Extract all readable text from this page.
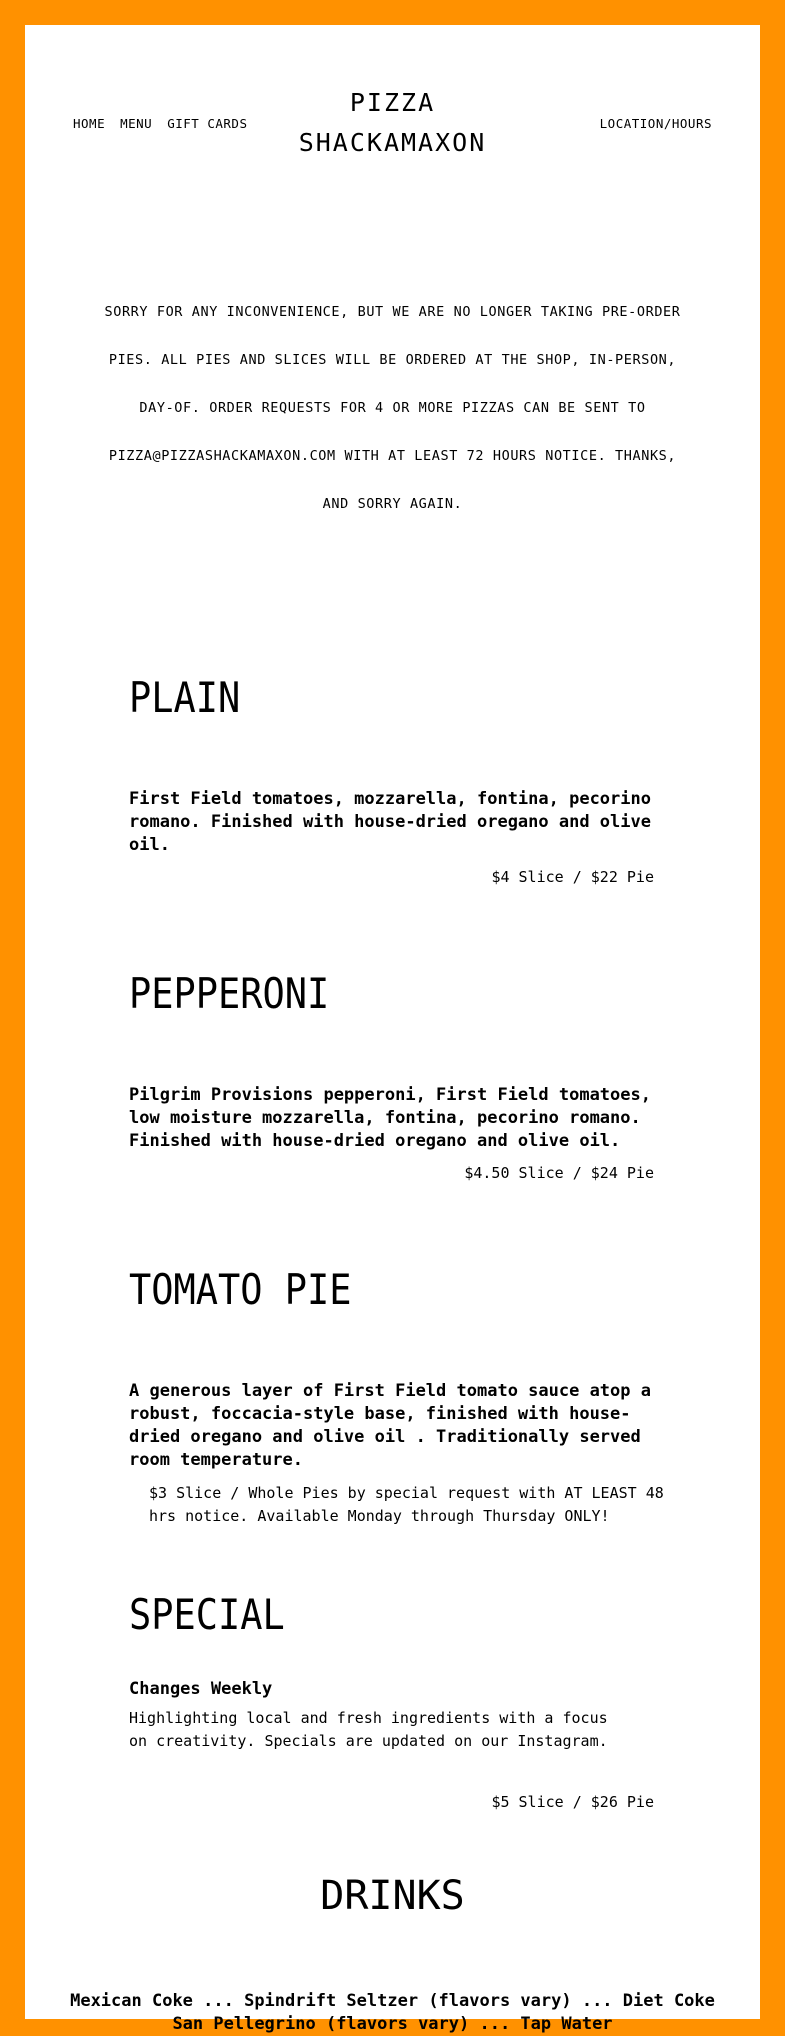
HOME MENU GIFT CARDS
PIZZA
SHACKAMAXON
LOCATION/HOURS

SORRY FOR ANY INCONVENIENCE, BUT WE ARE NO LONGER TAKING PRE-ORDER PIES. ALL PIES AND SLICES WILL BE ORDERED AT THE SHOP, IN-PERSON, DAY-OF. ORDER REQUESTS FOR 4 OR MORE PIZZAS CAN BE SENT TO PIZZA@PIZZASHACKAMAXON.COM WITH AT LEAST 72 HOURS NOTICE. THANKS, AND SORRY AGAIN.

PLAIN

First Field tomatoes, mozzarella, fontina, pecorino romano. Finished with house-dried oregano and olive oil.

$4 Slice / $22 Pie
PEPPERONI

Pilgrim Provisions pepperoni, First Field tomatoes, low moisture mozzarella, fontina, pecorino romano. Finished with house-dried oregano and olive oil.

$4.50 Slice / $24 Pie
TOMATO PIE

A generous layer of First Field tomato sauce atop a robust, foccacia-style base, finished with house-dried oregano and olive oil . Traditionally served room temperature.

$3 Slice / Whole Pies by special request with AT LEAST 48 hrs notice. Available Monday through Thursday ONLY!
SPECIAL
Changes Weekly
Highlighting local and fresh ingredients with a focus on creativity. Specials are updated on our Instagram.
$5 Slice / $26 Pie
DRINKS
Mexican Coke ... Spindrift Seltzer (flavors vary) ... Diet Coke San Pellegrino (flavors vary) ... Tap Water
